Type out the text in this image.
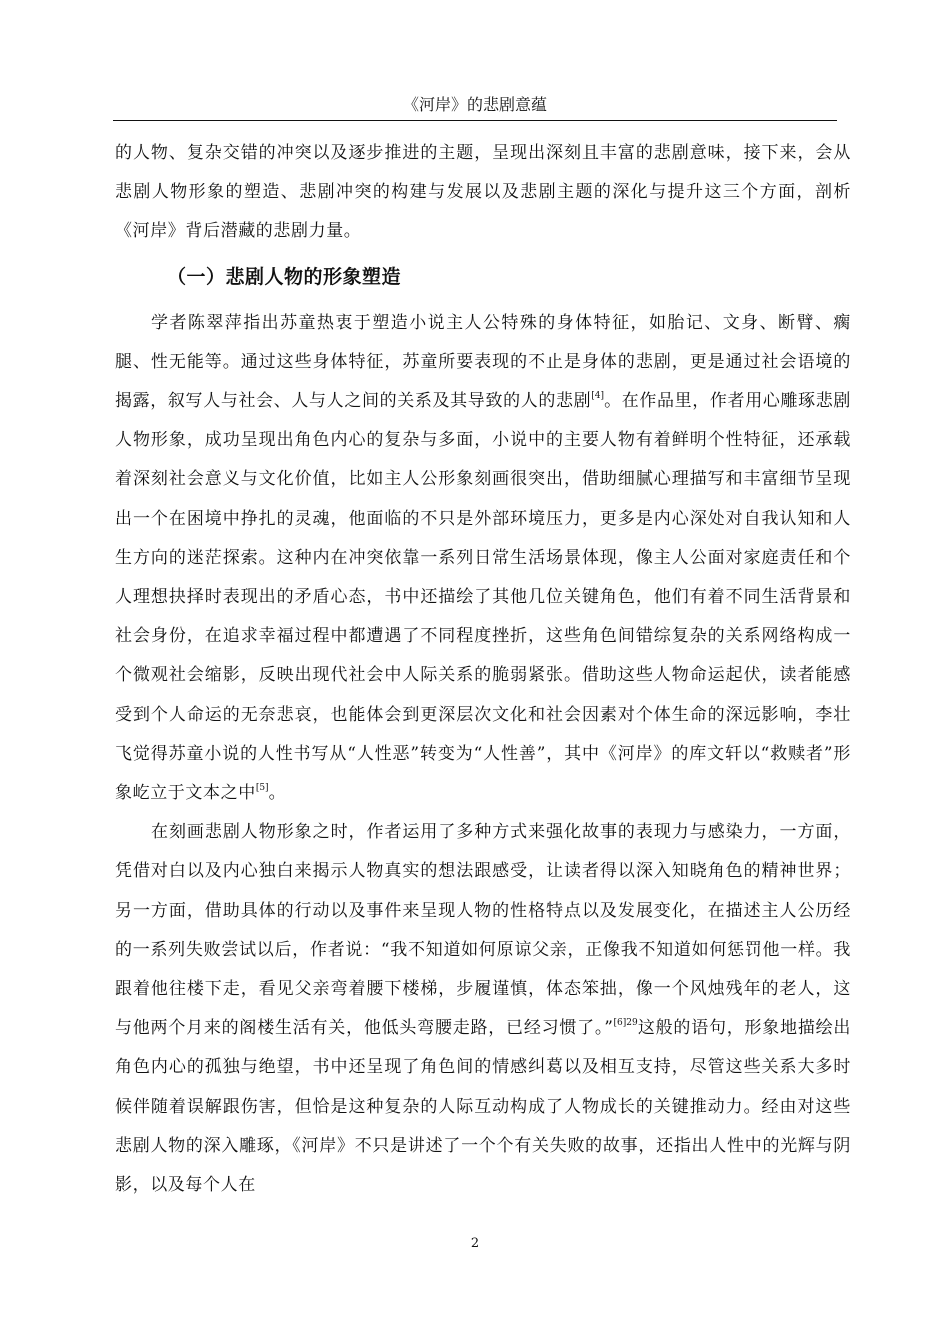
《河岸》的悲剧意蕴

的人物、复杂交错的冲突以及逐步推进的主题，呈现出深刻且丰富的悲剧意味，接下来，会从悲剧人物形象的塑造、悲剧冲突的构建与发展以及悲剧主题的深化与提升这三个方面，剖析《河岸》背后潜藏的悲剧力量。

（一）悲剧人物的形象塑造

学者陈翠萍指出苏童热衷于塑造小说主人公特殊的身体特征，如胎记、文身、断臂、瘸腿、性无能等。通过这些身体特征，苏童所要表现的不止是身体的悲剧，更是通过社会语境的揭露，叙写人与社会、人与人之间的关系及其导致的人的悲剧[4]。在作品里，作者用心雕琢悲剧人物形象，成功呈现出角色内心的复杂与多面，小说中的主要人物有着鲜明个性特征，还承载着深刻社会意义与文化价值，比如主人公形象刻画很突出，借助细腻心理描写和丰富细节呈现出一个在困境中挣扎的灵魂，他面临的不只是外部环境压力，更多是内心深处对自我认知和人生方向的迷茫探索。这种内在冲突依靠一系列日常生活场景体现，像主人公面对家庭责任和个人理想抉择时表现出的矛盾心态，书中还描绘了其他几位关键角色，他们有着不同生活背景和社会身份，在追求幸福过程中都遭遇了不同程度挫折，这些角色间错综复杂的关系网络构成一个微观社会缩影，反映出现代社会中人际关系的脆弱紧张。借助这些人物命运起伏，读者能感受到个人命运的无奈悲哀，也能体会到更深层次文化和社会因素对个体生命的深远影响，李壮飞觉得苏童小说的人性书写从“人性恶”转变为“人性善”，其中《河岸》的库文轩以“救赎者”形象屹立于文本之中[5]。

在刻画悲剧人物形象之时，作者运用了多种方式来强化故事的表现力与感染力，一方面，凭借对白以及内心独白来揭示人物真实的想法跟感受，让读者得以深入知晓角色的精神世界；另一方面，借助具体的行动以及事件来呈现人物的性格特点以及发展变化，在描述主人公历经的一系列失败尝试以后，作者说：“我不知道如何原谅父亲，正像我不知道如何惩罚他一样。我跟着他往楼下走，看见父亲弯着腰下楼梯，步履谨慎，体态笨拙，像一个风烛残年的老人，这与他两个月来的阁楼生活有关，他低头弯腰走路，已经习惯了。”$^{[6]29}$这般的语句，形象地描绘出角色内心的孤独与绝望，书中还呈现了角色间的情感纠葛以及相互支持，尽管这些关系大多时候伴随着误解跟伤害，但恰是这种复杂的人际互动构成了人物成长的关键推动力。经由对这些悲剧人物的深入雕琢，《河岸》不只是讲述了一个个有关失败的故事，还指出人性中的光辉与阴影，以及每个人在

2
